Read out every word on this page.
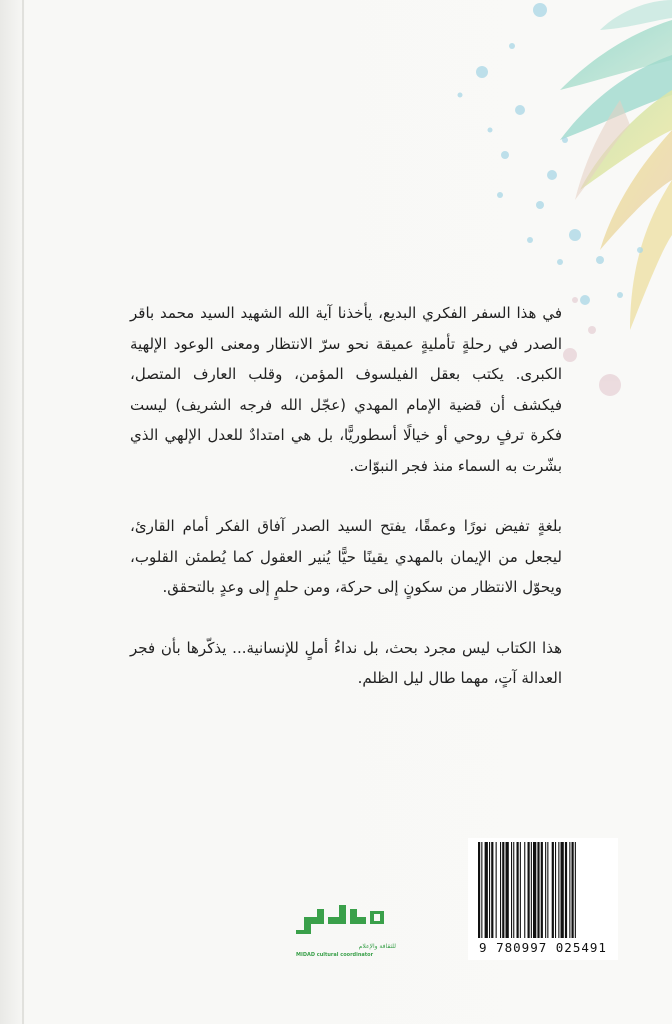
في هذا السفر الفكري البديع، يأخذنا آية الله الشهيد السيد محمد باقر الصدر في رحلةٍ تأمليةٍ عميقة نحو سرّ الانتظار ومعنى الوعود الإلهية الكبرى. يكتب بعقل الفيلسوف المؤمن، وقلب العارف المتصل، فيكشف أن قضية الإمام المهدي (عجّل الله فرجه الشريف) ليست فكرة ترفٍ روحي أو خيالًا أسطوريًّا، بل هي امتدادٌ للعدل الإلهي الذي بشّرت به السماء منذ فجر النبوّات.

بلغةٍ تفيض نورًا وعمقًا، يفتح السيد الصدر آفاق الفكر أمام القارئ، ليجعل من الإيمان بالمهدي يقينًا حيًّا يُنير العقول كما يُطمئن القلوب، ويحوّل الانتظار من سكونٍ إلى حركة، ومن حلمٍ إلى وعدٍ بالتحقق.

هذا الكتاب ليس مجرد بحث، بل نداءُ أملٍ للإنسانية... يذكّرها بأن فجر العدالة آتٍ، مهما طال ليل الظلم.

للثقافة والإعلام
MIDAD cultural coordinator	9 780997 025491
